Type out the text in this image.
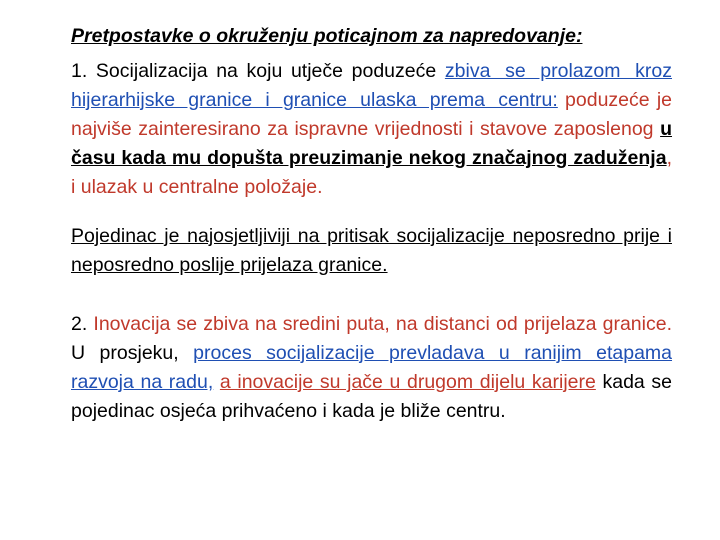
Pretpostavke o okruženju poticajnom za napredovanje:

1. Socijalizacija na koju utječe poduzeće zbiva se prolazom kroz hijerarhijske granice i granice ulaska prema centru: poduzeće je najviše zainteresirano za ispravne vrijednosti i stavove zaposlenog u času kada mu dopušta preuzimanje nekog značajnog zaduženja, i ulazak u centralne položaje.

Pojedinac je najosjetljiviji na pritisak socijalizacije neposredno prije i neposredno poslije prijelaza granice.

2. Inovacija se zbiva na sredini puta, na distanci od prijelaza granice. U prosjeku, proces socijalizacije prevladava u ranijim etapama razvoja na radu, a inovacije su jače u drugom dijelu karijere kada se pojedinac osjeća prihvaćeno i kada je bliže centru.
